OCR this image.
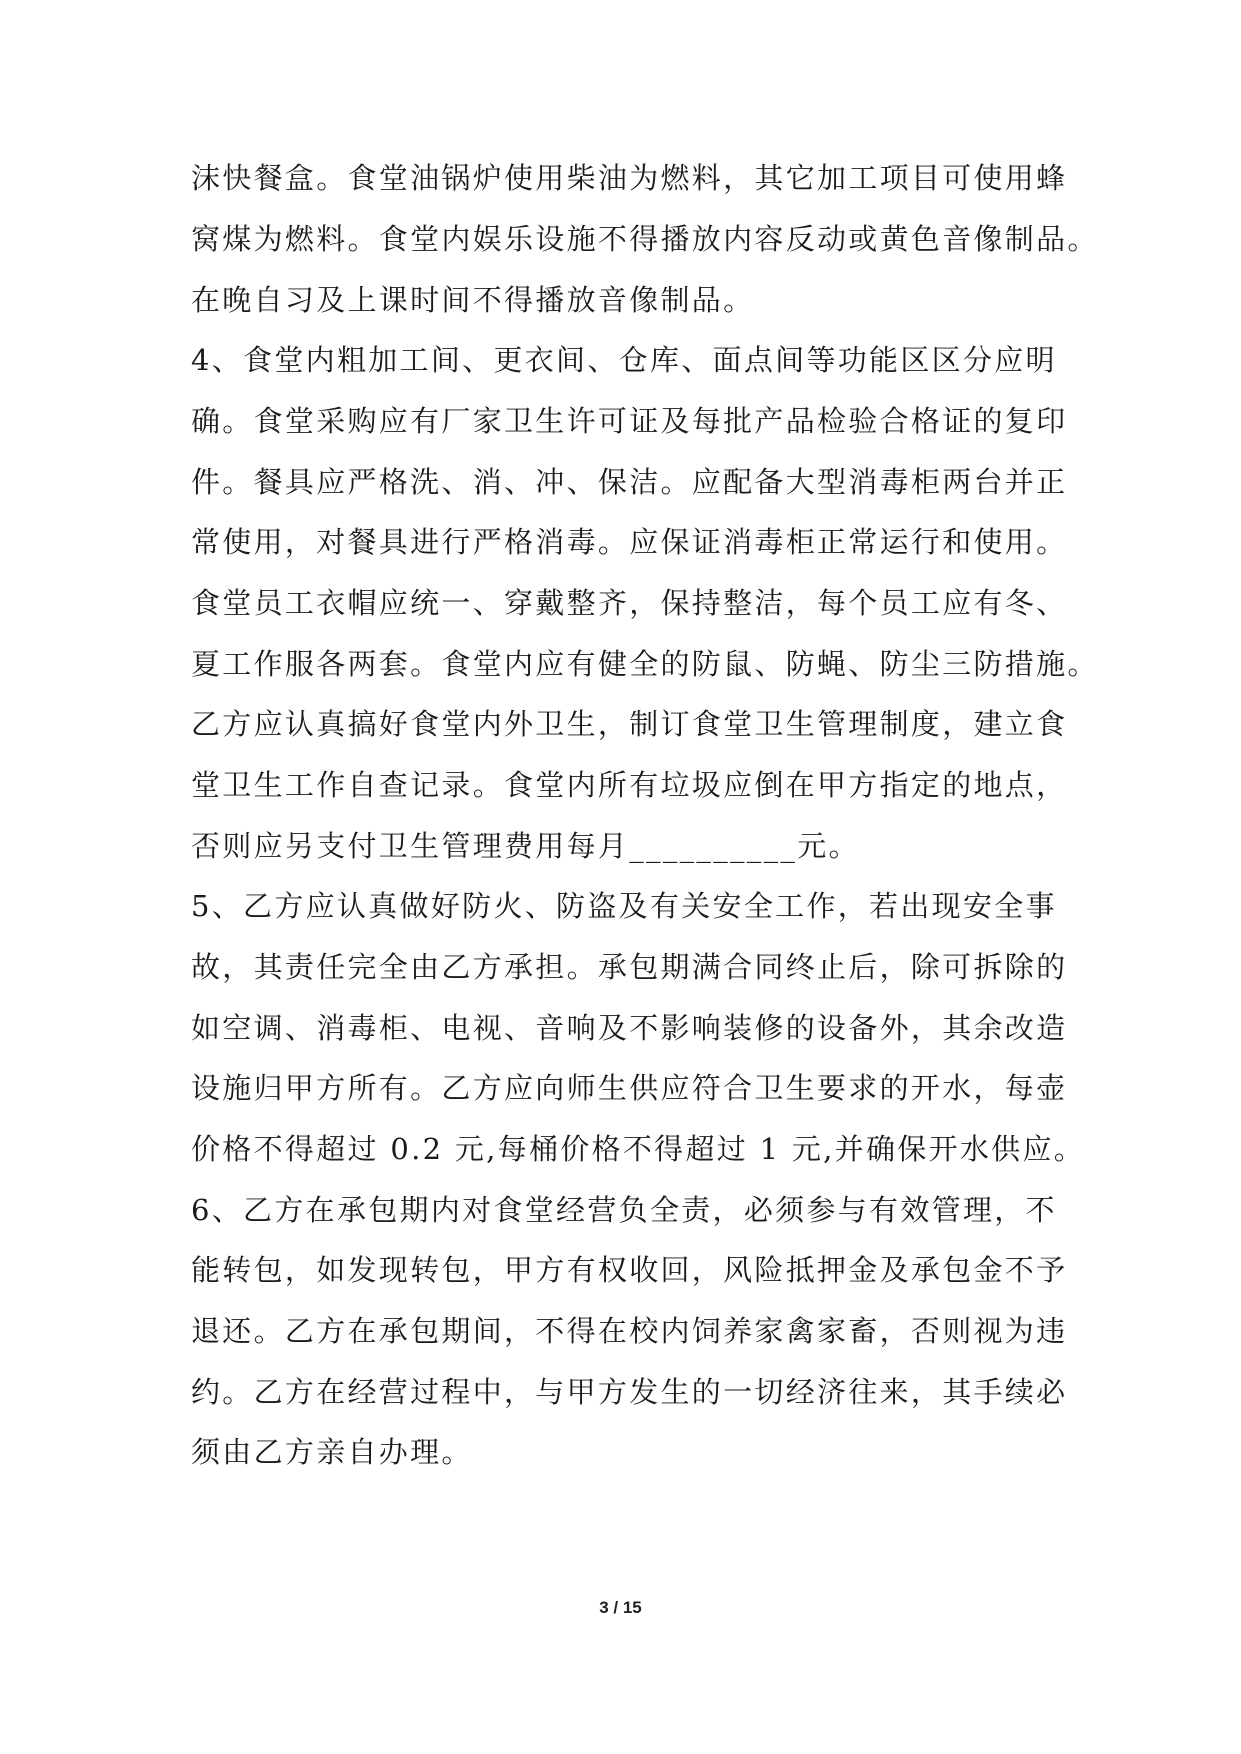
沫快餐盒。食堂油锅炉使用柴油为燃料，其它加工项目可使用蜂

窝煤为燃料。食堂内娱乐设施不得播放内容反动或黄色音像制品。

在晚自习及上课时间不得播放音像制品。

4、食堂内粗加工间、更衣间、仓库、面点间等功能区区分应明

确。食堂采购应有厂家卫生许可证及每批产品检验合格证的复印

件。餐具应严格洗、消、冲、保洁。应配备大型消毒柜两台并正

常使用，对餐具进行严格消毒。应保证消毒柜正常运行和使用。

食堂员工衣帽应统一、穿戴整齐，保持整洁，每个员工应有冬、

夏工作服各两套。食堂内应有健全的防鼠、防蝇、防尘三防措施。

乙方应认真搞好食堂内外卫生，制订食堂卫生管理制度，建立食

堂卫生工作自查记录。食堂内所有垃圾应倒在甲方指定的地点，

否则应另支付卫生管理费用每月__________元。

5、乙方应认真做好防火、防盗及有关安全工作，若出现安全事

故，其责任完全由乙方承担。承包期满合同终止后，除可拆除的

如空调、消毒柜、电视、音响及不影响装修的设备外，其余改造

设施归甲方所有。乙方应向师生供应符合卫生要求的开水，每壶

价格不得超过 0.2 元,每桶价格不得超过 1 元,并确保开水供应。

6、乙方在承包期内对食堂经营负全责，必须参与有效管理，不

能转包，如发现转包，甲方有权收回，风险抵押金及承包金不予

退还。乙方在承包期间，不得在校内饲养家禽家畜，否则视为违

约。乙方在经营过程中，与甲方发生的一切经济往来，其手续必

须由乙方亲自办理。

3 / 15
